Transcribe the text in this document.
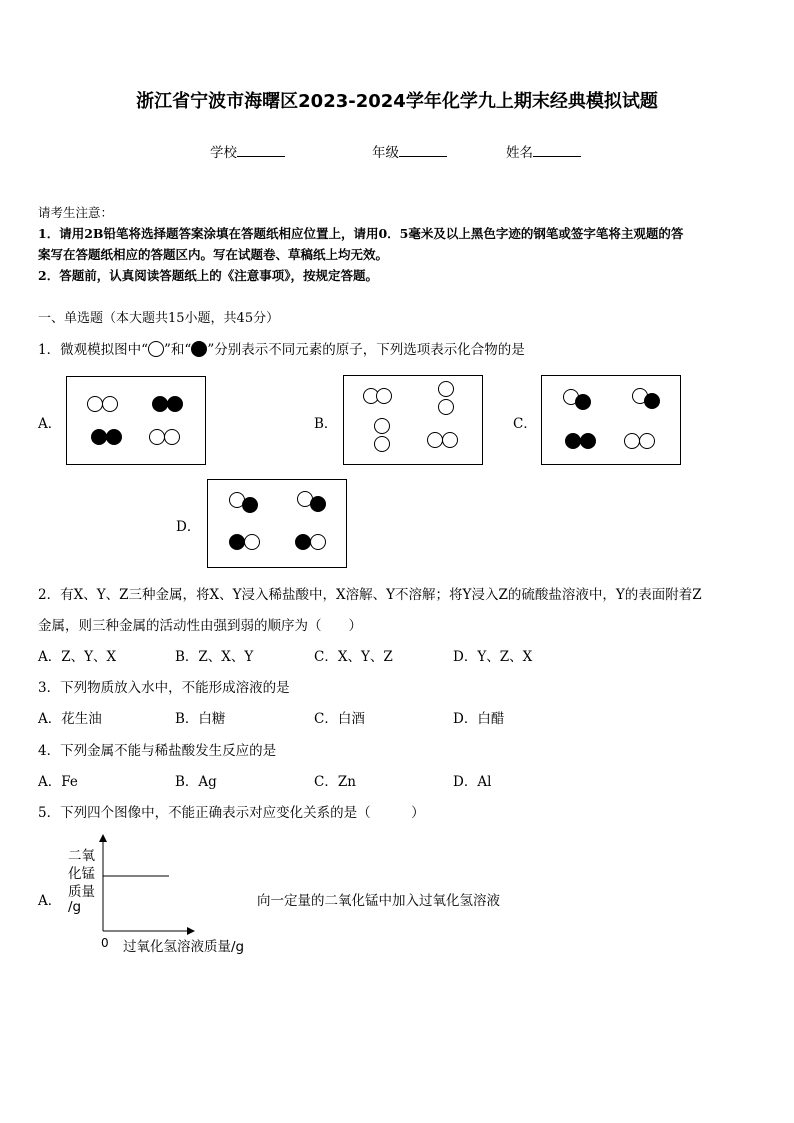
浙江省宁波市海曙区2023-2024学年化学九上期末经典模拟试题
学校	年级	姓名
请考生注意：
1．请用2B铅笔将选择题答案涂填在答题纸相应位置上，请用0．5毫米及以上黑色字迹的钢笔或签字笔将主观题的答
案写在答题纸相应的答题区内。写在试题卷、草稿纸上均无效。
2．答题前，认真阅读答题纸上的《注意事项》，按规定答题。
一、单选题（本大题共15小题，共45分）
1．微观模拟图中“ ”和“ ”分别表示不同元素的原子，下列选项表示化合物的是
A．	B．	C．
D．
2．有X、Y、Z三种金属，将X、Y浸入稀盐酸中，X溶解、Y不溶解；将Y浸入Z的硫酸盐溶液中，Y的表面附着Z
金属，则三种金属的活动性由强到弱的顺序为（　　）
A．Z、Y、X	B．Z、X、Y	C．X、Y、Z	D．Y、Z、X
3．下列物质放入水中，不能形成溶液的是
A．花生油	B．白糖	C．白酒	D．白醋
4．下列金属不能与稀盐酸发生反应的是
A．Fe	B．Ag	C．Zn	D．Al
5．下列四个图像中，不能正确表示对应变化关系的是（　　　）
A．
二氧
化锰
质量
/g
0 过氧化氢溶液质量/g
向一定量的二氧化锰中加入过氧化氢溶液
